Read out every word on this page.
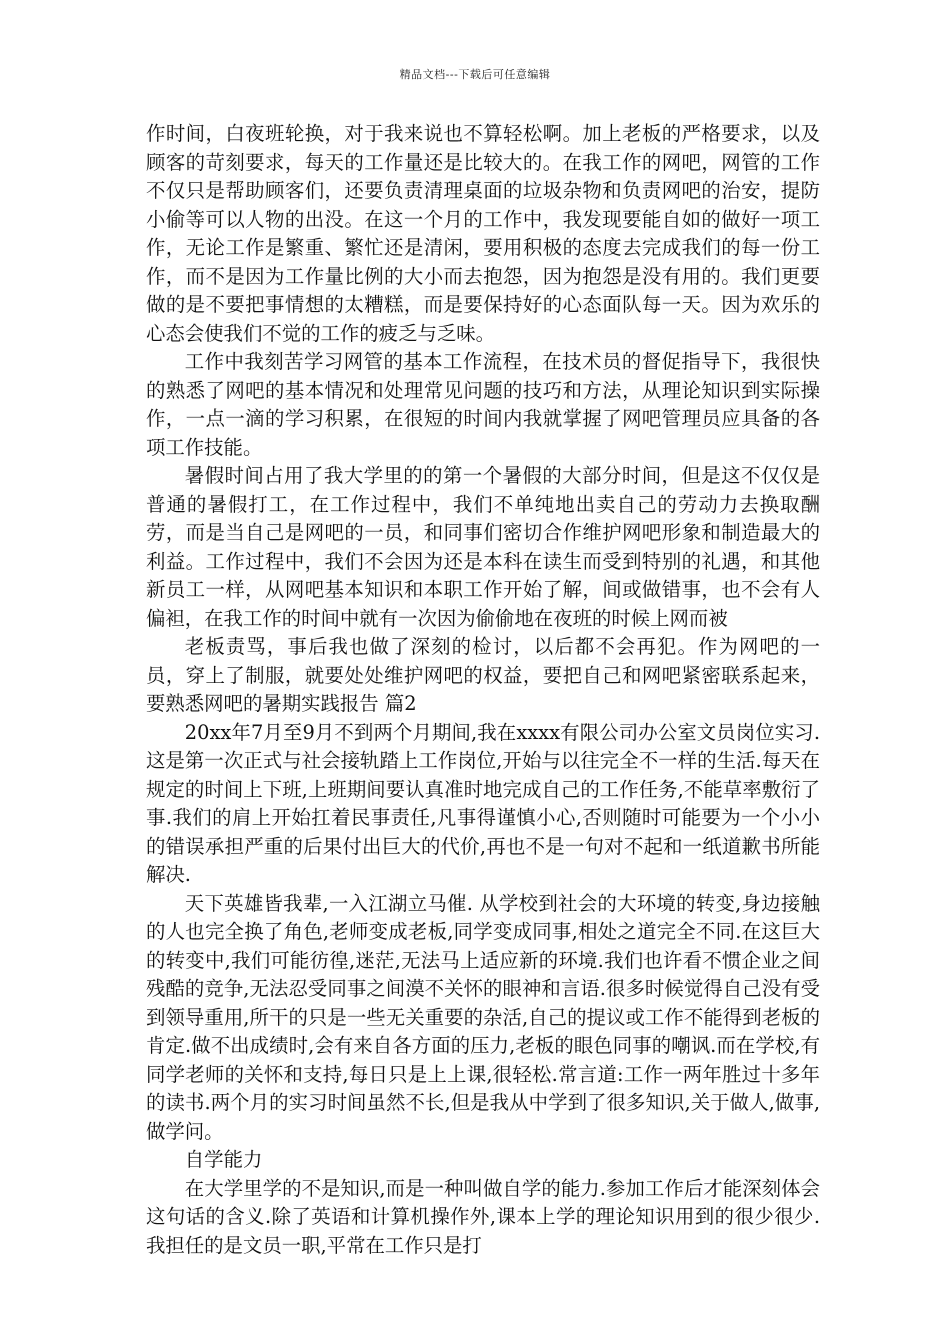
精品文档---下载后可任意编辑

作时间，白夜班轮换，对于我来说也不算轻松啊。加上老板的严格要求，以及顾客的苛刻要求，每天的工作量还是比较大的。在我工作的网吧，网管的工作不仅只是帮助顾客们，还要负责清理桌面的垃圾杂物和负责网吧的治安，提防小偷等可以人物的出没。在这一个月的工作中，我发现要能自如的做好一项工作，无论工作是繁重、繁忙还是清闲，要用积极的态度去完成我们的每一份工作，而不是因为工作量比例的大小而去抱怨，因为抱怨是没有用的。我们更要做的是不要把事情想的太糟糕，而是要保持好的心态面队每一天。因为欢乐的心态会使我们不觉的工作的疲乏与乏味。

工作中我刻苦学习网管的基本工作流程，在技术员的督促指导下，我很快的熟悉了网吧的基本情况和处理常见问题的技巧和方法，从理论知识到实际操作，一点一滴的学习积累，在很短的时间内我就掌握了网吧管理员应具备的各项工作技能。

暑假时间占用了我大学里的的第一个暑假的大部分时间，但是这不仅仅是普通的暑假打工，在工作过程中，我们不单纯地出卖自己的劳动力去换取酬劳，而是当自己是网吧的一员，和同事们密切合作维护网吧形象和制造最大的利益。工作过程中，我们不会因为还是本科在读生而受到特别的礼遇，和其他新员工一样，从网吧基本知识和本职工作开始了解，间或做错事，也不会有人偏袒，在我工作的时间中就有一次因为偷偷地在夜班的时候上网而被

老板责骂，事后我也做了深刻的检讨，以后都不会再犯。作为网吧的一员，穿上了制服，就要处处维护网吧的权益，要把自己和网吧紧密联系起来，要熟悉网吧的暑期实践报告 篇2

20xx年7月至9月不到两个月期间,我在xxxx有限公司办公室文员岗位实习.这是第一次正式与社会接轨踏上工作岗位,开始与以往完全不一样的生活.每天在规定的时间上下班,上班期间要认真准时地完成自己的工作任务,不能草率敷衍了事.我们的肩上开始扛着民事责任,凡事得谨慎小心,否则随时可能要为一个小小的错误承担严重的后果付出巨大的代价,再也不是一句对不起和一纸道歉书所能解决.

天下英雄皆我辈,一入江湖立马催. 从学校到社会的大环境的转变,身边接触的人也完全换了角色,老师变成老板,同学变成同事,相处之道完全不同.在这巨大的转变中,我们可能彷徨,迷茫,无法马上适应新的环境.我们也许看不惯企业之间残酷的竞争,无法忍受同事之间漠不关怀的眼神和言语.很多时候觉得自己没有受到领导重用,所干的只是一些无关重要的杂活,自己的提议或工作不能得到老板的肯定.做不出成绩时,会有来自各方面的压力,老板的眼色同事的嘲讽.而在学校,有同学老师的关怀和支持,每日只是上上课,很轻松.常言道:工作一两年胜过十多年的读书.两个月的实习时间虽然不长,但是我从中学到了很多知识,关于做人,做事,做学问。

自学能力

在大学里学的不是知识,而是一种叫做自学的能力.参加工作后才能深刻体会这句话的含义.除了英语和计算机操作外,课本上学的理论知识用到的很少很少.我担任的是文员一职,平常在工作只是打
